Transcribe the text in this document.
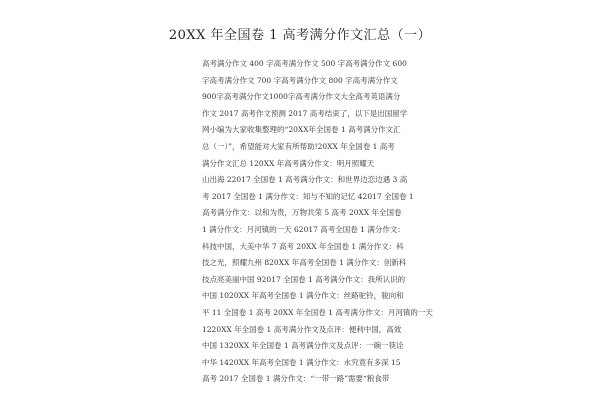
20XX 年全国卷 1 高考满分作文汇总（一）
高考满分作文 400 字高考满分作文 500 字高考满分作文 600
字高考满分作文 700 字高考满分作文 800 字高考满分作文
900字高考满分作文1000字高考满分作文大全高考英语满分
作文 2017 高考作文预测 2017 高考结束了，以下是出国留学
网小编为大家收集整理的“20XX年全国卷 1 高考满分作文汇
总（一）”，希望能对大家有所帮助!20XX 年全国卷 1 高考
满分作文汇总 120XX 年高考满分作文：明月照耀天
山出海 22017 全国卷 1 高考满分作文：和世界边恋边遇 3 高
考 2017 全国卷 1 满分作文：知与不知的记忆 42017 全国卷 1
高考满分作文：以和为贵，万物共荣 5 高考 20XX 年全国卷
1 满分作文：月河镇的一天 62017 高考全国卷 1 满分作文：
科技中国，大美中华 7 高考 20XX 年全国卷 1 满分作文：科
技之光，照耀九州 820XX 年高考全国卷 1 满分作文：创新科
技点亮美丽中国 92017 全国卷 1 高考满分作文：我所认识的
中国 1020XX 年高考全国卷 1 满分作文：丝路驼铃，骏向和
平 11 全国卷 1 高考 20XX 年全国卷 1 高考满分作文：月河镇的一天
1220XX 年全国卷 1 高考满分作文及点评：便利中国，高效
中国 1320XX 年全国卷 1 高考满分作文及点评：一碗一筷诠
中华 1420XX 年高考全国卷 1 满分作文：水究竟有多深 15
高考 2017 全国卷 1 满分作文：“一带一路”需要“粮食带
